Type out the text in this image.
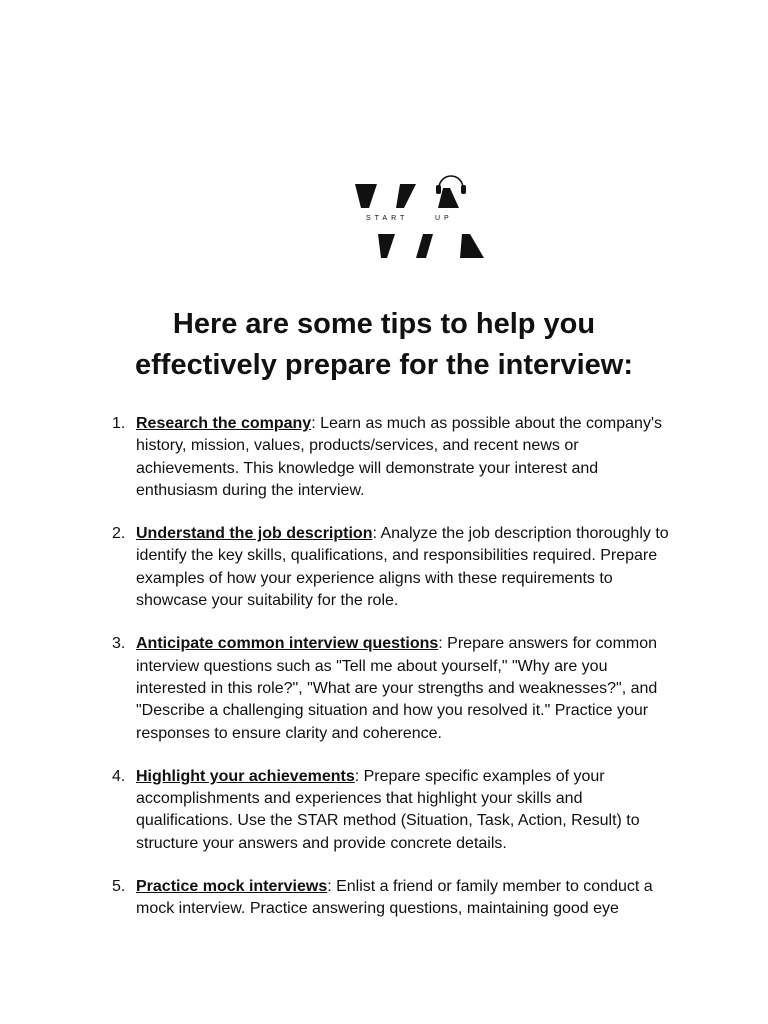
START	UP
Here are some tips to help you
effectively prepare for the interview:
1. Research the company: Learn as much as possible about the company's history, mission, values, products/services, and recent news or achievements. This knowledge will demonstrate your interest and enthusiasm during the interview.
2. Understand the job description: Analyze the job description thoroughly to identify the key skills, qualifications, and responsibilities required. Prepare examples of how your experience aligns with these requirements to showcase your suitability for the role.
3. Anticipate common interview questions: Prepare answers for common interview questions such as "Tell me about yourself," "Why are you interested in this role?", "What are your strengths and weaknesses?", and "Describe a challenging situation and how you resolved it." Practice your responses to ensure clarity and coherence.
4. Highlight your achievements: Prepare specific examples of your accomplishments and experiences that highlight your skills and qualifications. Use the STAR method (Situation, Task, Action, Result) to structure your answers and provide concrete details.
5. Practice mock interviews: Enlist a friend or family member to conduct a mock interview. Practice answering questions, maintaining good eye
